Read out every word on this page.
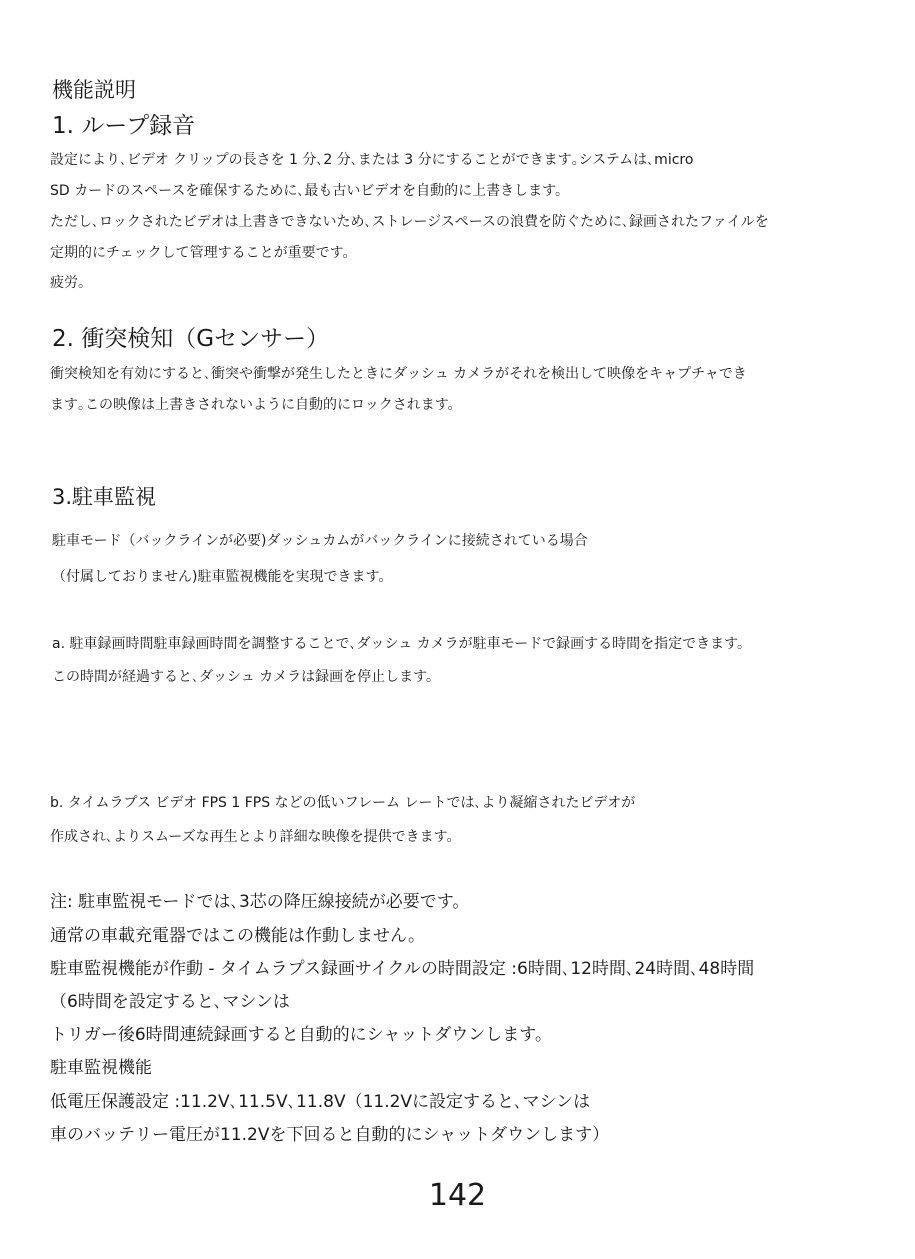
機能説明

1. ループ録音

設定により､ビデオ クリップの長さを 1 分､2 分､または 3 分にすることができます｡システムは､micro

SD カードのスペースを確保するために､最も古いビデオを自動的に上書きします。

ただし､ロックされたビデオは上書きできないため､ストレージスペースの浪費を防ぐために､録画されたファイルを

定期的にチェックして管理することが重要です。

疲労。

2. 衝突検知（Gセンサー）

衝突検知を有効にすると､衝突や衝撃が発生したときにダッシュ カメラがそれを検出して映像をキャプチャでき

ます｡この映像は上書きされないように自動的にロックされます。

3.駐車監視

駐車モード（バックラインが必要)ダッシュカムがバックラインに接続されている場合

（付属しておりません)駐車監視機能を実現できます。

a. 駐車録画時間駐車録画時間を調整することで､ダッシュ カメラが駐車モードで録画する時間を指定できます。

この時間が経過すると､ダッシュ カメラは録画を停止します。

b. タイムラプス ビデオ FPS 1 FPS などの低いフレーム レートでは､より凝縮されたビデオが

作成され､よりスムーズな再生とより詳細な映像を提供できます。

注: 駐車監視モードでは､3芯の降圧線接続が必要です。

通常の車載充電器ではこの機能は作動しません。

駐車監視機能が作動 - タイムラプス録画サイクルの時間設定 :6時間､12時間､24時間､48時間

（6時間を設定すると､マシンは

トリガー後6時間連続録画すると自動的にシャットダウンします。

駐車監視機能

低電圧保護設定 :11.2V､11.5V､11.8V（11.2Vに設定すると､マシンは

車のバッテリー電圧が11.2Vを下回ると自動的にシャットダウンします）

142
